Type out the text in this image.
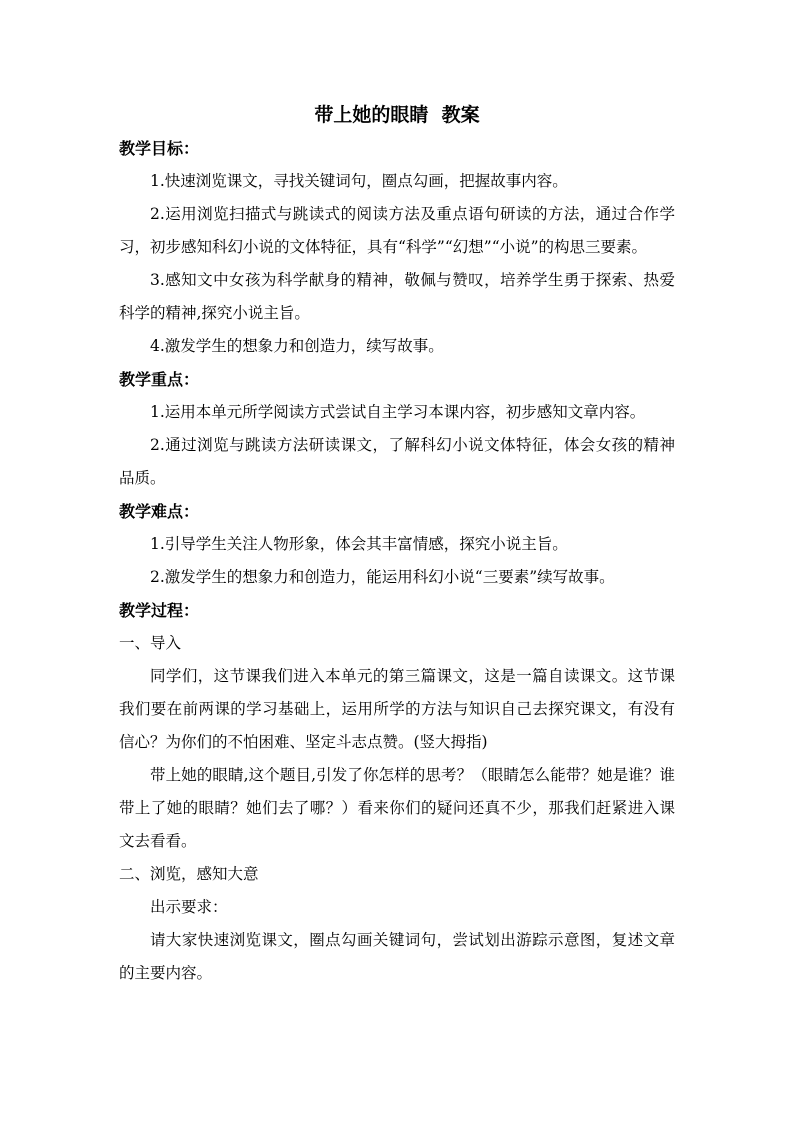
带上她的眼睛  教案

教学目标：

1.快速浏览课文，寻找关键词句，圈点勾画，把握故事内容。

2.运用浏览扫描式与跳读式的阅读方法及重点语句研读的方法，通过合作学习，初步感知科幻小说的文体特征，具有“科学”“幻想”“小说”的构思三要素。

3.感知文中女孩为科学献身的精神，敬佩与赞叹，培养学生勇于探索、热爱科学的精神,探究小说主旨。

4.激发学生的想象力和创造力，续写故事。

教学重点：

1.运用本单元所学阅读方式尝试自主学习本课内容，初步感知文章内容。

2.通过浏览与跳读方法研读课文，了解科幻小说文体特征，体会女孩的精神品质。

教学难点：

1.引导学生关注人物形象，体会其丰富情感，探究小说主旨。

2.激发学生的想象力和创造力，能运用科幻小说“三要素”续写故事。

教学过程：

一、导入

同学们，这节课我们进入本单元的第三篇课文，这是一篇自读课文。这节课我们要在前两课的学习基础上，运用所学的方法与知识自己去探究课文，有没有信心？为你们的不怕困难、坚定斗志点赞。(竖大拇指)

带上她的眼睛,这个题目,引发了你怎样的思考？（眼睛怎么能带？她是谁？谁带上了她的眼睛？她们去了哪？）看来你们的疑问还真不少，那我们赶紧进入课文去看看。

二、浏览，感知大意

出示要求：

请大家快速浏览课文，圈点勾画关键词句，尝试划出游踪示意图，复述文章的主要内容。
